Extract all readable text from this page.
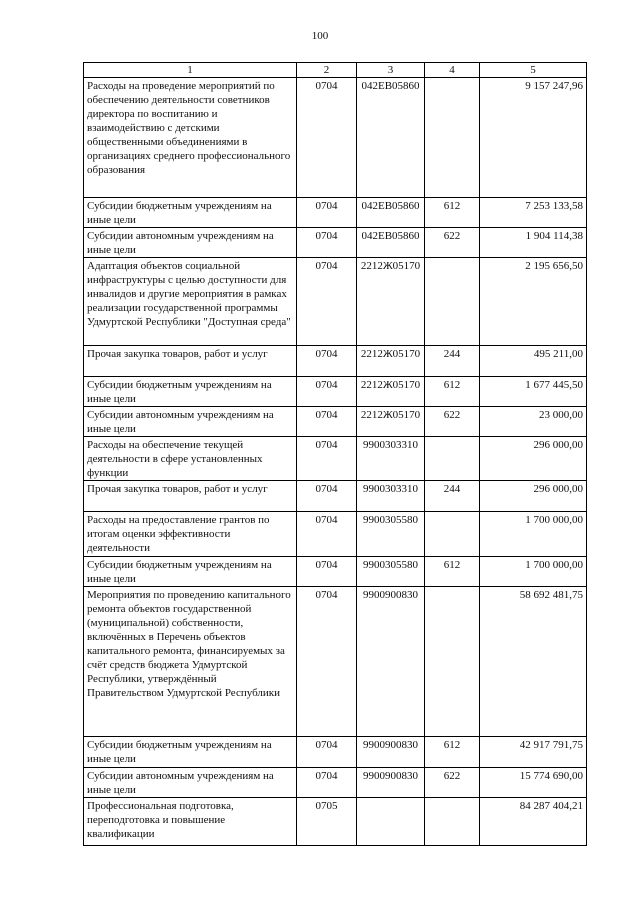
100
1	2	3	4	5
Расходы на проведение мероприятий по обеспечению деятельности советников директора по воспитанию и взаимодействию с детскими общественными объединениями в организациях среднего профессионального образования	0704	042ЕВ05860		9 157 247,96
Субсидии бюджетным учреждениям на иные цели	0704	042ЕВ05860	612	7 253 133,58
Субсидии автономным учреждениям на иные цели	0704	042ЕВ05860	622	1 904 114,38
Адаптация объектов социальной инфраструктуры с целью доступности для инвалидов и другие мероприятия в рамках реализации государственной программы Удмуртской Республики "Доступная среда"	0704	2212Ж05170		2 195 656,50
Прочая закупка товаров, работ и услуг	0704	2212Ж05170	244	495 211,00
Субсидии бюджетным учреждениям на иные цели	0704	2212Ж05170	612	1 677 445,50
Субсидии автономным учреждениям на иные цели	0704	2212Ж05170	622	23 000,00
Расходы на обеспечение текущей деятельности в сфере установленных функции	0704	9900303310		296 000,00
Прочая закупка товаров, работ и услуг	0704	9900303310	244	296 000,00
Расходы на предоставление грантов по итогам оценки эффективности деятельности	0704	9900305580		1 700 000,00
Субсидии бюджетным учреждениям на иные цели	0704	9900305580	612	1 700 000,00
Мероприятия по проведению капитального ремонта объектов государственной (муниципальной) собственности, включённых в Перечень объектов капитального ремонта, финансируемых за счёт средств бюджета Удмуртской Республики, утверждённый Правительством Удмуртской Республики	0704	9900900830		58 692 481,75
Субсидии бюджетным учреждениям на иные цели	0704	9900900830	612	42 917 791,75
Субсидии автономным учреждениям на иные цели	0704	9900900830	622	15 774 690,00
Профессиональная подготовка, переподготовка и повышение квалификации	0705			84 287 404,21
